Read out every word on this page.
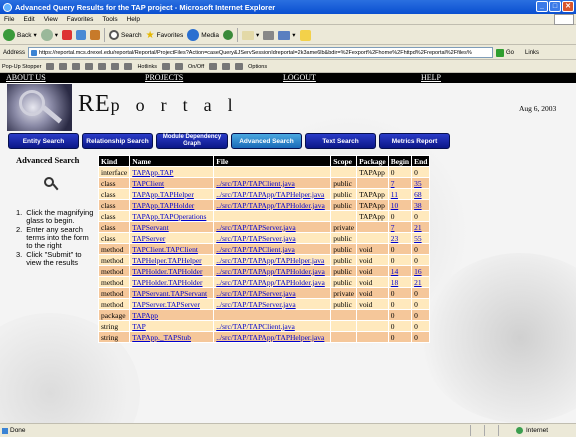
Advanced Query Results for the TAP project - Microsoft Internet Explorer	_	□	✕
File Edit View Favorites Tools Help
Back ▾	▾	Search ★ Favorites	Media	▾	▾
Address	https://reportal.mcs.drexel.edu/reportal/Reportal/ProjectFiles?Action=caseQuery&JServSessionIdreportal=2k3ame6lb&bdir=%2Fexport%2Fhome%2Fhttpd%2Freportal%2Ffiles%	Go Links
Pop-Up Stopper	Hotlinks	On/Off	Options
ABOUT US	PROJECTS	LOGOUT	HELP
REportal	Aug 6, 2003
Entity Search	Relationship Search
Module Dependency Graph	Advanced Search	Text Search	Metrics Report
Advanced Search
1. Click the magnifying glass to begin.
2. Enter any search terms into the form to the right
3. Click "Submit" to view the results
Kind	Name	File	Scope	Package	Begin	End
interface	TAPApp.TAP			TAPApp	0	0
class	TAPClient	../src/TAP/TAPClient.java	public		7	35
class	TAPApp.TAPHelper	../src/TAP/TAPApp/TAPHelper.java	public	TAPApp	11	68
class	TAPApp.TAPHolder	../src/TAP/TAPApp/TAPHolder.java	public	TAPApp	10	38
class	TAPApp.TAPOperations			TAPApp	0	0
class	TAPServant	../src/TAP/TAPServer.java	private		7	21
class	TAPServer	../src/TAP/TAPServer.java	public		23	55
method	TAPClient.TAPClient	../src/TAP/TAPClient.java	public	void	0	0
method	TAPHelper.TAPHelper	../src/TAP/TAPApp/TAPHelper.java	public	void	0	0
method	TAPHolder.TAPHolder	../src/TAP/TAPApp/TAPHolder.java	public	void	14	16
method	TAPHolder.TAPHolder	../src/TAP/TAPApp/TAPHolder.java	public	void	18	21
method	TAPServant.TAPServant	../src/TAP/TAPServer.java	private	void	0	0
method	TAPServer.TAPServer	../src/TAP/TAPServer.java	public	void	0	0
package	TAPApp				0	0
string	TAP	../src/TAP/TAPClient.java			0	0
string	TAPApp._TAPStub	../src/TAP/TAPApp/TAPHelper.java			0	0
Done	Internet
